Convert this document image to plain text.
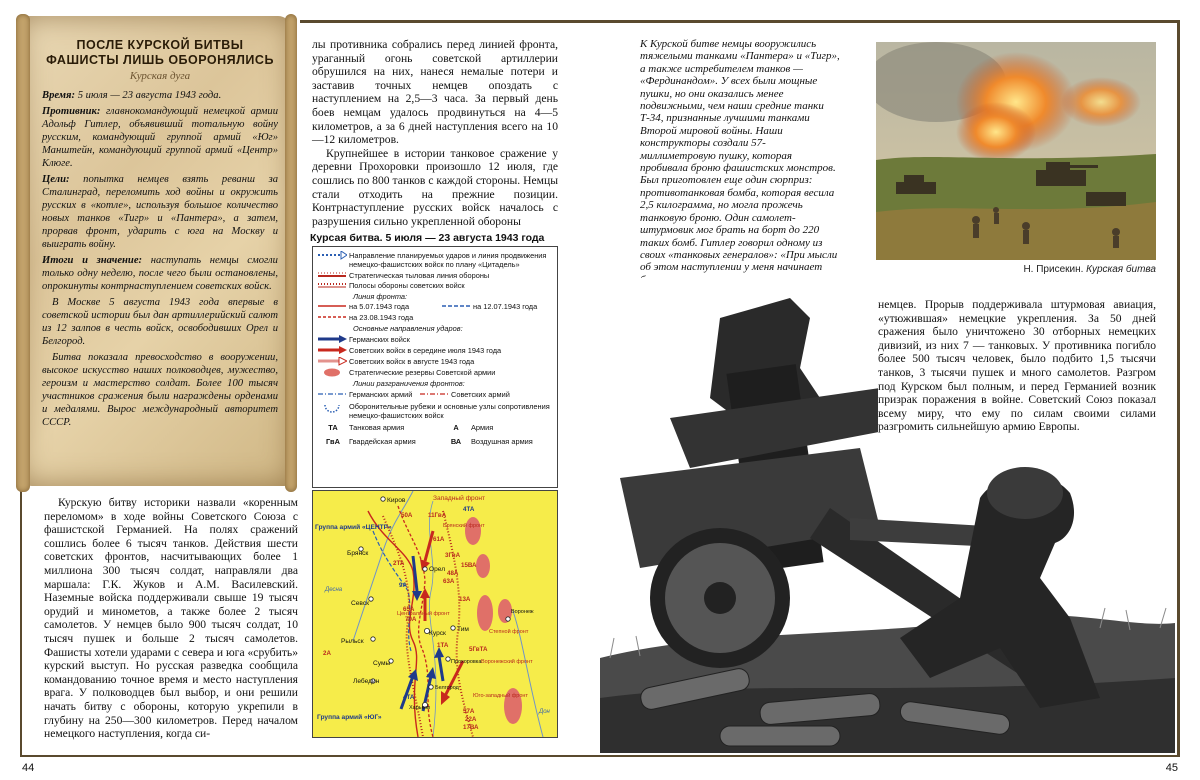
ПОСЛЕ КУРСКОЙ БИТВЫ
ФАШИСТЫ ЛИШЬ ОБОРОНЯЛИСЬ
Курская дуга

Время: 5 июля — 23 августа 1943 года.

Противник: главнокомандующий немецкой армии Адольф Гитлер, объявивший тотальную войну русским, командующий группой армий «Юг» Манштейн, командующий группой армий «Центр» Клюге.

Цели: попытка немцев взять реванш за Сталинград, переломить ход войны и окружить русских в «котле», используя большое количество новых танков «Тигр» и «Пантера», а затем, прорвав фронт, ударить с юга на Москву и выиграть войну.

Итоги и значение: наступать немцы смогли только одну неделю, после чего были остановлены, опрокинуты контрнаступлением советских войск.

В Москве 5 августа 1943 года впервые в советской истории был дан артиллерийский салют из 12 залпов в честь войск, освободивших Орел и Белгород.

Битва показала превосходство в вооружении, высокое искусство наших полководцев, мужество, героизм и мастерство солдат. Более 100 тысяч участников сражения были награждены орденами и медалями. Вырос международный авторитет СССР.

Курскую битву историки назвали «коренным переломом» в ходе войны Советского Союза с фашистской Германией. На полях сражений сошлись более 6 тысяч танков. Действия шести советских фронтов, насчитывающих более 1 миллиона 300 тысяч солдат, направляли два маршала: Г.К. Жуков и А.М. Василевский. Наземные войска поддерживали свыше 19 тысяч орудий и минометов, а также более 2 тысяч самолетов. У немцев было 900 тысяч солдат, 10 тысяч пушек и больше 2 тысяч самолетов. Фашисты хотели ударами с севера и юга «срубить» курский выступ. Но русская разведка сообщила командованию точное время и место наступления врага. У полководцев был выбор, и они решили начать битву с обороны, которую укрепили в глубину на 250—300 километров. Перед началом немецкого наступления, когда си-

лы противника собрались перед линией фронта, ураганный огонь советской артиллерии обрушился на них, нанеся немалые потери и заставив точных немцев опоздать с наступлением на 2,5—3 часа. За первый день боев немцам удалось продвинуться на 4—5 километров, а за 6 дней наступления всего на 10—12 километров.

Крупнейшее в истории танковое сражение у деревни Прохоровки произошло 12 июля, где сошлись по 800 танков с каждой стороны. Немцы стали отходить на прежние позиции. Контрнаступление русских войск началось с разрушения сильно укрепленной обороны

Курсая битва. 5 июля — 23 августа 1943 года
Направление планируемых ударов и линия продвижения немецко-фашистских войск по плану «Цитадель»
Стратегическая тыловая линия обороны
Полосы обороны советских войск
Линия фронта:
на 5.07.1943 года	на 12.07.1943 года
на 23.08.1943 года
Основные направления ударов:
Германских войск
Советских войск в середине июля 1943 года
Советских войск в августе 1943 года
Стратегические резервы Советской армии
Линии разграничения фронтов:
Германских армий	Советских армий
Оборонительные рубежи и основные узлы сопротивления немецко-фашистских войск
ТА	Танковая армия	А	Армия
ГвА	Гвардейская армия	ВА	Воздушная армия
Киров	Западный фронт
Группа армий «ЦЕНТР»
Брянск
Брянский фронт
Орел
Севск
Рыльск
Сумы
Лебедин
Курск
Тим
Центральный фронт
Степной фронт
Воронеж
Воронежский фронт
Прохоровка
Белгород
Харьков
Юго-западный фронт
Группа армий «ЮГ»
Десна
Дон
50А	11ГвА
61А
3ГвА
15ВА
48А
63А
2ТА
70А
65А
13А
2А
1ТА
5ГвТА
57А
22А
17ВА
4ТА
9А
4ТА
К Курской битве немцы вооружились тяжелыми танками «Пантера» и «Тигр», а также истребителем танков — «Фердинандом». У всех были мощные пушки, но они оказались менее подвижными, чем наши средние танки Т-34, признанные лучшими танками Второй мировой войны. Наши конструкторы создали 57-миллиметровую пушку, которая пробивала броню фашистских монстров. Был приготовлен еще один сюрприз: противотанковая бомба, которая весила 2,5 килограмма, но могла прожечь танковую броню. Один самолет-штурмовик мог брать на борт до 220 таких бомб. Гитлер говорил одному из своих «танковых генералов»: «При мысли об этом наступлении у меня начинает	Н. Присекин. Курская битва

немцев. Прорыв поддерживала штурмовая авиация, «утюжившая» немецкие укрепления. За 50 дней сражения было уничтожено 30 отборных немецких дивизий, из них 7 — танковых. У противника погибло более 500 тысяч человек, было подбито 1,5 тысячи танков, 3 тысячи пушек и много самолетов. Разгром под Курском был полным, и перед Германией возник призрак поражения в войне. Советский Союз показал всему миру, что ему по силам своими силами разгромить сильнейшую армию Европы.

44	45
